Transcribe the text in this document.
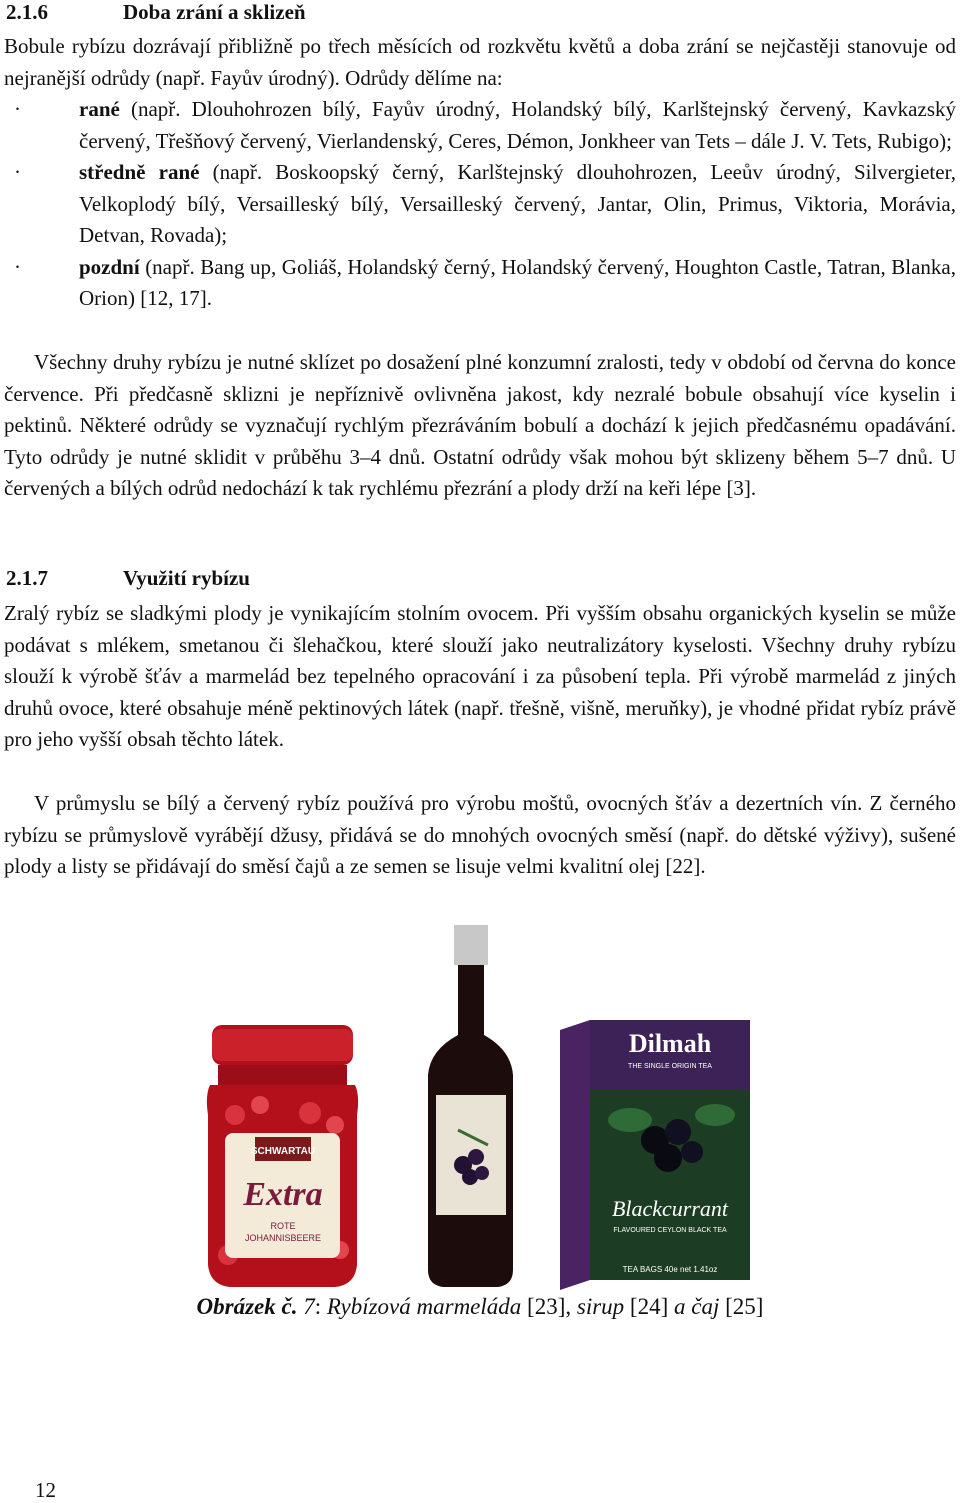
2.1.6	Doba zrání a sklizeň
Bobule rybízu dozrávají přibližně po třech měsících od rozkvětu květů a doba zrání se nejčastěji stanovuje od nejranější odrůdy (např. Fayův úrodný). Odrůdy dělíme na:
·	rané (např. Dlouhohrozen bílý, Fayův úrodný, Holandský bílý, Karlštejnský červený, Kavkazský červený, Třešňový červený, Vierlandenský, Ceres, Démon, Jonkheer van Tets – dále J. V. Tets, Rubigo);
·	středně rané (např. Boskoopský černý, Karlštejnský dlouhohrozen, Leeův úrodný, Silvergieter, Velkoplodý bílý, Versailleský bílý, Versailleský červený, Jantar, Olin, Primus, Viktoria, Morávia, Detvan, Rovada);
·	pozdní (např. Bang up, Goliáš, Holandský černý, Holandský červený, Houghton Castle, Tatran, Blanka, Orion) [12, 17].
Všechny druhy rybízu je nutné sklízet po dosažení plné konzumní zralosti, tedy v období od června do konce července. Při předčasně sklizni je nepříznivě ovlivněna jakost, kdy nezralé bobule obsahují více kyselin i pektinů. Některé odrůdy se vyznačují rychlým přezráváním bobulí a dochází k jejich předčasnému opadávání. Tyto odrůdy je nutné sklidit v průběhu 3–4 dnů. Ostatní odrůdy však mohou být sklizeny během 5–7 dnů. U červených a bílých odrůd nedochází k tak rychlému přezrání a plody drží na keři lépe [3].
2.1.7	Využití rybízu
Zralý rybíz se sladkými plody je vynikajícím stolním ovocem. Při vyšším obsahu organických kyselin se může podávat s mlékem, smetanou či šlehačkou, které slouží jako neutralizátory kyselosti. Všechny druhy rybízu slouží k výrobě šťáv a marmelád bez tepelného opracování i za působení tepla. Při výrobě marmelád z jiných druhů ovoce, které obsahuje méně pektinových látek (např. třešně, višně, meruňky), je vhodné přidat rybíz právě pro jeho vyšší obsah těchto látek.
V průmyslu se bílý a červený rybíz používá pro výrobu moštů, ovocných šťáv a dezertních vín. Z černého rybízu se průmyslově vyrábějí džusy, přidává se do mnohých ovocných směsí (např. do dětské výživy), sušené plody a listy se přidávají do směsí čajů a ze semen se lisuje velmi kvalitní olej [22].
SCHWARTAU
Extra
ROTE
JOHANNISBEERE
Dilmah
THE SINGLE ORIGIN TEA
Blackcurrant
FLAVOURED CEYLON BLACK TEA
TEA BAGS 40e net 1.41oz
Obrázek č. 7: Rybízová marmeláda [23], sirup [24] a čaj [25]
12
